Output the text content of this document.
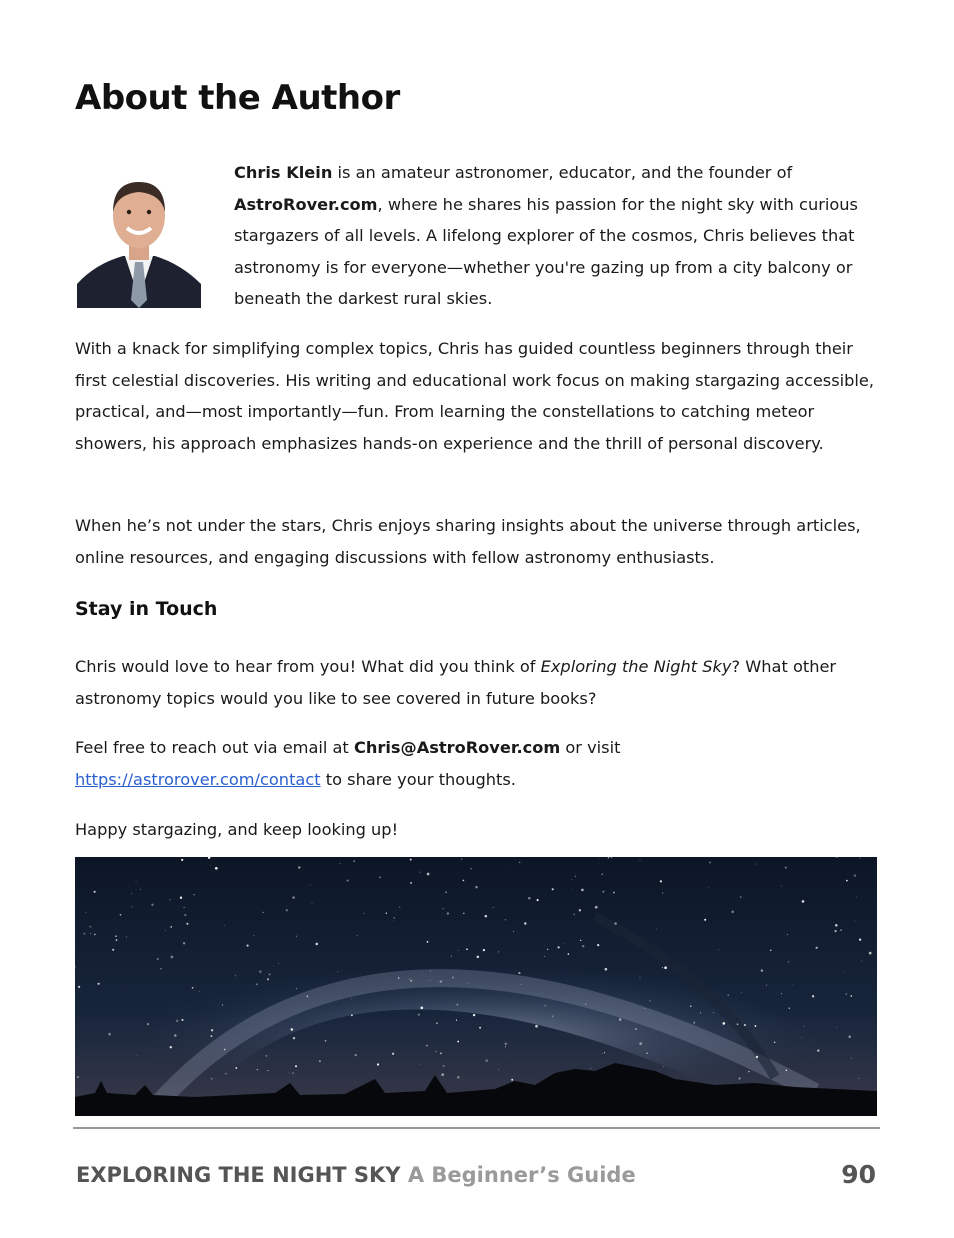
About the Author

Chris Klein is an amateur astronomer, educator, and the founder of AstroRover.com, where he shares his passion for the night sky with curious stargazers of all levels. A lifelong explorer of the cosmos, Chris believes that astronomy is for everyone—whether you're gazing up from a city balcony or beneath the darkest rural skies.

With a knack for simplifying complex topics, Chris has guided countless beginners through their first celestial discoveries. His writing and educational work focus on making stargazing accessible, practical, and—most importantly—fun. From learning the constellations to catching meteor showers, his approach emphasizes hands-on experience and the thrill of personal discovery.

When he’s not under the stars, Chris enjoys sharing insights about the universe through articles, online resources, and engaging discussions with fellow astronomy enthusiasts.

Stay in Touch

Chris would love to hear from you! What did you think of Exploring the Night Sky? What other astronomy topics would you like to see covered in future books?

Feel free to reach out via email at Chris@AstroRover.com or visit
https://astrorover.com/contact to share your thoughts.

Happy stargazing, and keep looking up!

EXPLORING THE NIGHT SKY A Beginner’s Guide	90
